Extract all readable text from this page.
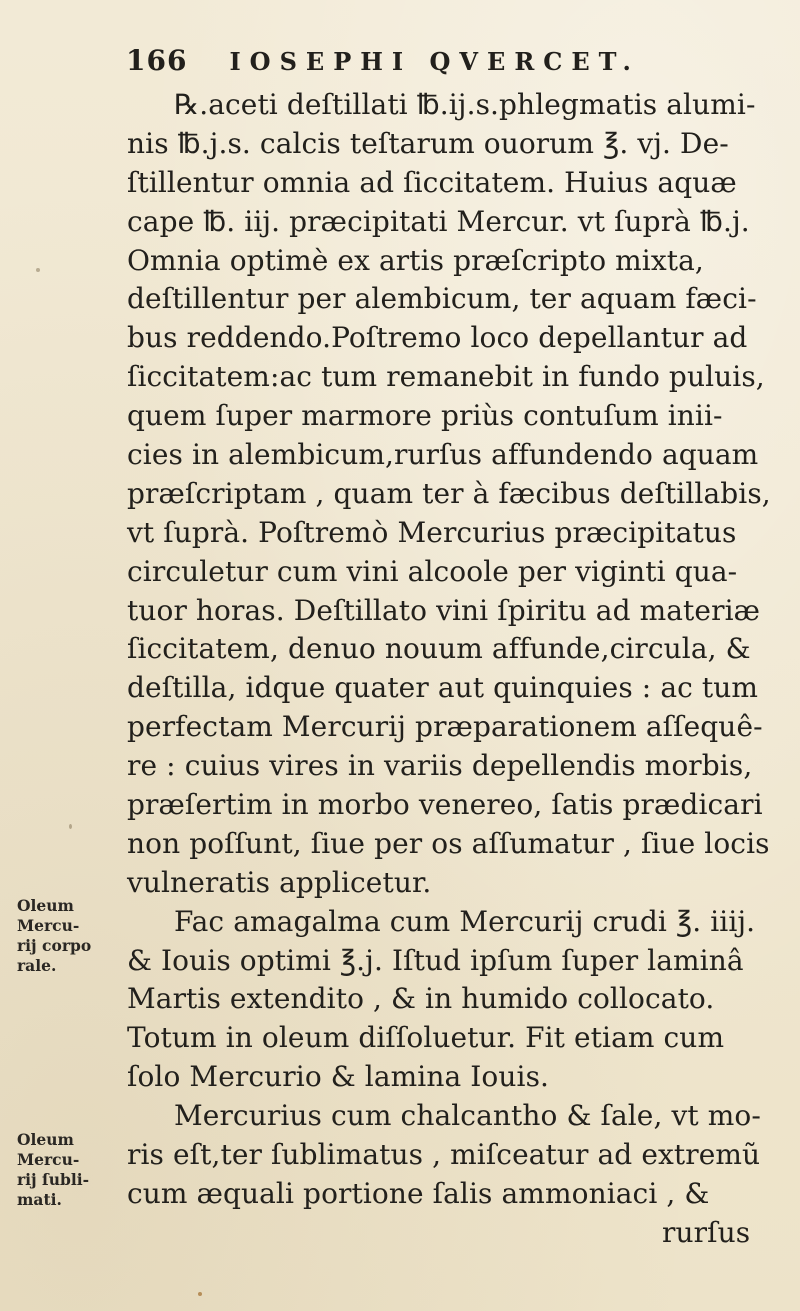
166 IOSEPHI QVERCET.
℞.aceti deſtillati ℔.ij.s.phlegmatis alumi-
nis ℔.j.s. calcis teſtarum ouorum ℥. vj. De-
ſtillentur omnia ad ſiccitatem. Huius aquæ
cape ℔. iij. præcipitati Mercur. vt ſuprà ℔.j.
Omnia optimè ex artis præſcripto mixta,
deſtillentur per alembicum, ter aquam fæci-
bus reddendo.Poſtremo loco depellantur ad
ſiccitatem:ac tum remanebit in fundo puluis,
quem ſuper marmore priùs contuſum inii-
cies in alembicum,rurſus affundendo aquam
præſcriptam , quam ter à fæcibus deſtillabis,
vt ſuprà. Poſtremò Mercurius præcipitatus
circuletur cum vini alcoole per viginti qua-
tuor horas. Deſtillato vini ſpiritu ad materiæ
ſiccitatem, denuo nouum affunde,circula, &
deſtilla, idque quater aut quinquies : ac tum
perfectam Mercurij præparationem aſſequê-
re : cuius vires in variis depellendis morbis,
præſertim in morbo venereo, ſatis prædicari
non poſſunt, ſiue per os aſſumatur , ſiue locis
vulneratis applicetur.
Fac amagalma cum Mercurij crudi ℥. iiij.
& Iouis optimi ℥.j. Iſtud ipſum ſuper laminâ
Martis extendito , & in humido collocato.
Totum in oleum diſſoluetur. Fit etiam cum
ſolo Mercurio & lamina Iouis.
Mercurius cum chalcantho & ſale, vt mo-
ris eſt,ter ſublimatus , miſceatur ad extremũ
cum æquali portione ſalis ammoniaci , &
rurſus
Oleum
Mercu-
rij corpo
rale.
Oleum
Mercu-
rij ſubli-
mati.
